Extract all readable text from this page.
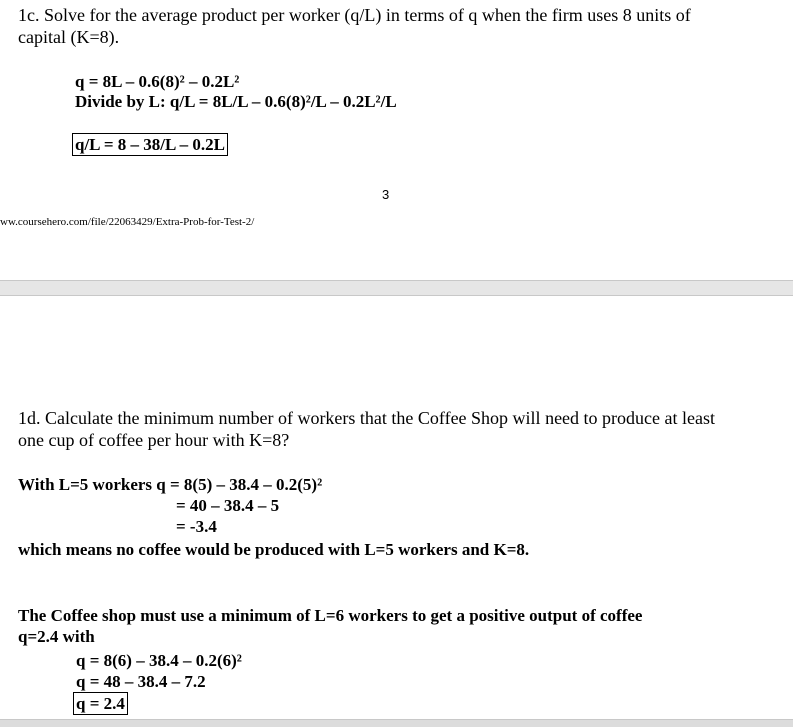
1c. Solve for the average product per worker (q/L) in terms of q when the firm uses 8 units of
capital (K=8).
q = 8L – 0.6(8)² – 0.2L²
Divide by L: q/L = 8L/L – 0.6(8)²/L – 0.2L²/L
q/L = 8 – 38/L – 0.2L
3
ww.coursehero.com/file/22063429/Extra-Prob-for-Test-2/
1d. Calculate the minimum number of workers that the Coffee Shop will need to produce at least
one cup of coffee per hour with K=8?
With L=5 workers q = 8(5) – 38.4 – 0.2(5)²
= 40 – 38.4 – 5
= -3.4
which means no coffee would be produced with L=5 workers and K=8.
The Coffee shop must use a minimum of L=6 workers to get a positive output of coffee
q=2.4 with
q = 8(6) – 38.4 – 0.2(6)²
q = 48 – 38.4 – 7.2
q = 2.4
